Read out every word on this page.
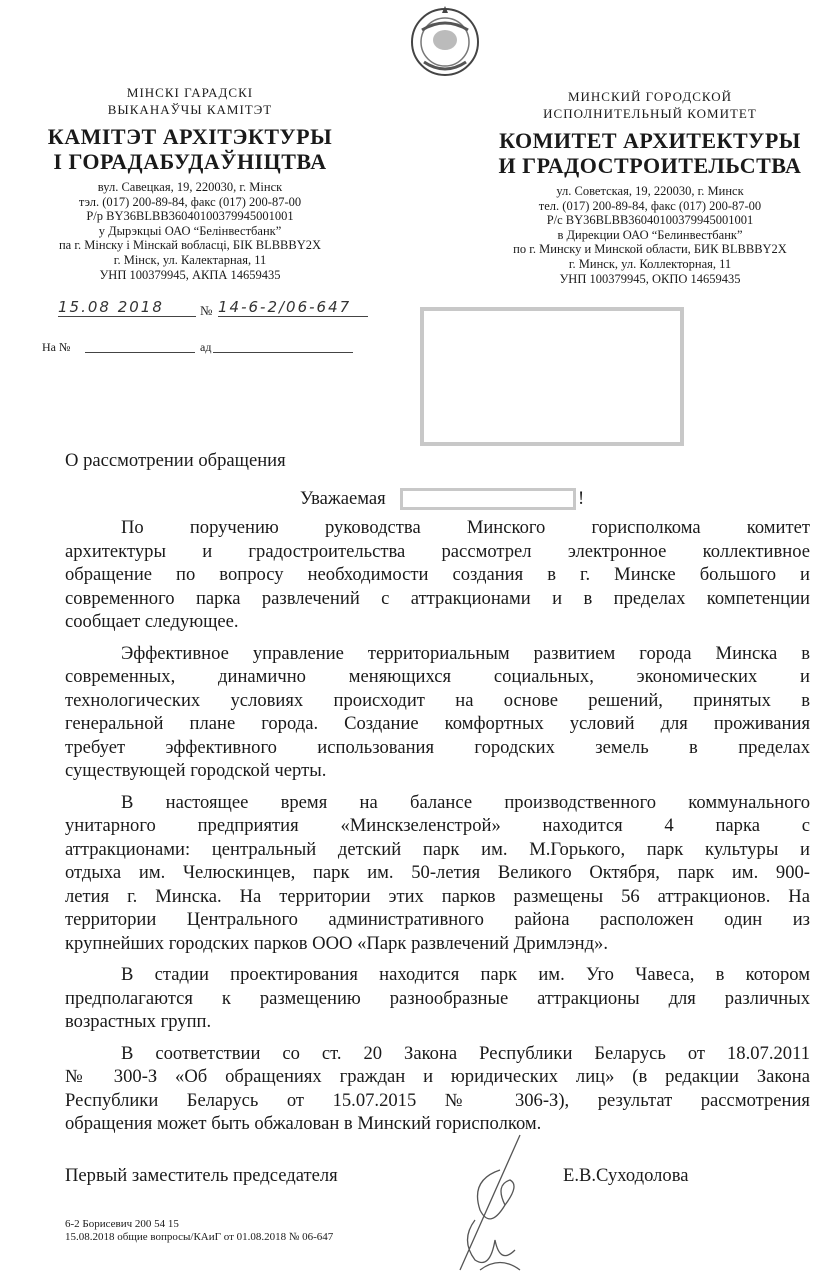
МІНСКІ ГАРАДСКІ
ВЫКАНАЎЧЫ КАМІТЭТ
КАМІТЭТ АРХІТЭКТУРЫ
І ГОРАДАБУДАЎНІЦТВА
вул. Савецкая, 19, 220030, г. Мінск
тэл. (017) 200-89-84, факс (017) 200-87-00
Р/р BY36BLBB36040100379945001001
у Дырэкцыі ОАО “Белінвестбанк”
па г. Мінску і Мінскай вобласці, БІК BLBBBY2X
г. Мінск, ул. Калектарная, 11
УНП 100379945, АКПА 14659435
МИНСКИЙ ГОРОДСКОЙ
ИСПОЛНИТЕЛЬНЫЙ КОМИТЕТ
КОМИТЕТ АРХИТЕКТУРЫ
И ГРАДОСТРОИТЕЛЬСТВА
ул. Советская, 19, 220030, г. Минск
тел. (017) 200-89-84, факс (017) 200-87-00
Р/с BY36BLBB36040100379945001001
в Дирекции ОАО “Белинвестбанк”
по г. Минску и Минской области, БИК BLBBBY2X
г. Минск, ул. Коллекторная, 11
УНП 100379945, ОКПО 14659435
15.08 2018	№ 14-6-2/06-647
На №	ад
О рассмотрении обращения
Уважаемая	!
По поручению руководства Минского горисполкома комитет
архитектуры и градостроительства рассмотрел электронное коллективное
обращение по вопросу необходимости создания в г. Минске большого и
современного парка развлечений с аттракционами и в пределах компетенции
сообщает следующее.
Эффективное управление территориальным развитием города Минска в
современных, динамично меняющихся социальных, экономических и
технологических условиях происходит на основе решений, принятых в
генеральной плане города. Создание комфортных условий для проживания
требует эффективного использования городских земель в пределах
существующей городской черты.
В настоящее время на балансе производственного коммунального
унитарного предприятия «Минскзеленстрой» находится 4 парка с
аттракционами: центральный детский парк им. М.Горького, парк культуры и
отдыха им. Челюскинцев, парк им. 50-летия Великого Октября, парк им. 900-
летия г. Минска. На территории этих парков размещены 56 аттракционов. На
территории Центрального административного района расположен один из
крупнейших городских парков ООО «Парк развлечений Дримлэнд».
В стадии проектирования находится парк им. Уго Чавеса, в котором
предполагаются к размещению разнообразные аттракционы для различных
возрастных групп.
В соответствии со ст. 20 Закона Республики Беларусь от 18.07.2011
№ 300-З «Об обращениях граждан и юридических лиц» (в редакции Закона
Республики Беларусь от 15.07.2015 № 306-З), результат рассмотрения
обращения может быть обжалован в Минский горисполком.
Первый заместитель председателя	Е.В.Суходолова
6-2 Борисевич 200 54 15
15.08.2018 общие вопросы/КАиГ от 01.08.2018 № 06-647
